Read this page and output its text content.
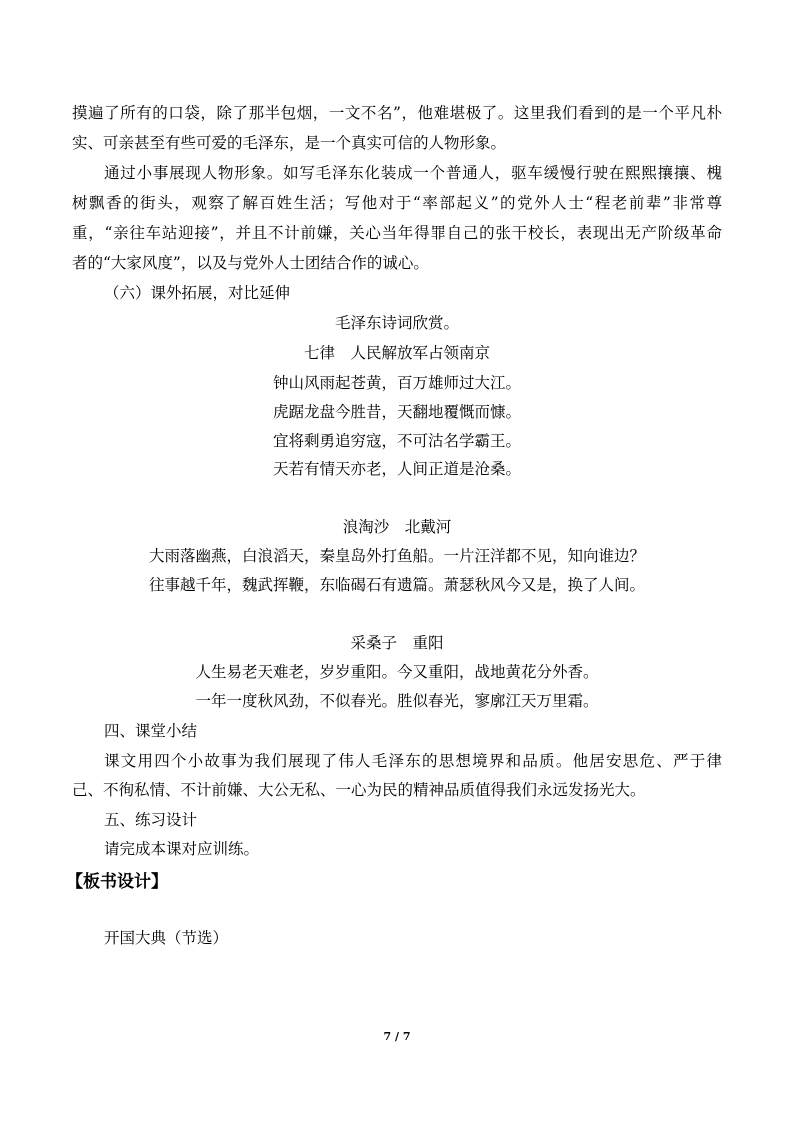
摸遍了所有的口袋，除了那半包烟，一文不名”，他难堪极了。这里我们看到的是一个平凡朴
实、可亲甚至有些可爱的毛泽东，是一个真实可信的人物形象。
通过小事展现人物形象。如写毛泽东化装成一个普通人，驱车缓慢行驶在熙熙攘攘、槐
树飘香的街头，观察了解百姓生活；写他对于“率部起义”的党外人士“程老前辈”非常尊
重，“亲往车站迎接”，并且不计前嫌，关心当年得罪自己的张干校长，表现出无产阶级革命
者的“大家风度”，以及与党外人士团结合作的诚心。
（六）课外拓展，对比延伸
毛泽东诗词欣赏。
七律　人民解放军占领南京
钟山风雨起苍黄，百万雄师过大江。
虎踞龙盘今胜昔，天翻地覆慨而慷。
宜将剩勇追穷寇，不可沽名学霸王。
天若有情天亦老，人间正道是沧桑。
浪淘沙　北戴河
大雨落幽燕，白浪滔天，秦皇岛外打鱼船。一片汪洋都不见，知向谁边？
往事越千年，魏武挥鞭，东临碣石有遗篇。萧瑟秋风今又是，换了人间。
采桑子　重阳
人生易老天难老，岁岁重阳。今又重阳，战地黄花分外香。
一年一度秋风劲，不似春光。胜似春光，寥廓江天万里霜。
四、课堂小结
课文用四个小故事为我们展现了伟人毛泽东的思想境界和品质。他居安思危、严于律
己、不徇私情、不计前嫌、大公无私、一心为民的精神品质值得我们永远发扬光大。
五、练习设计
请完成本课对应训练。
【板书设计】
开国大典（节选）
7 / 7
